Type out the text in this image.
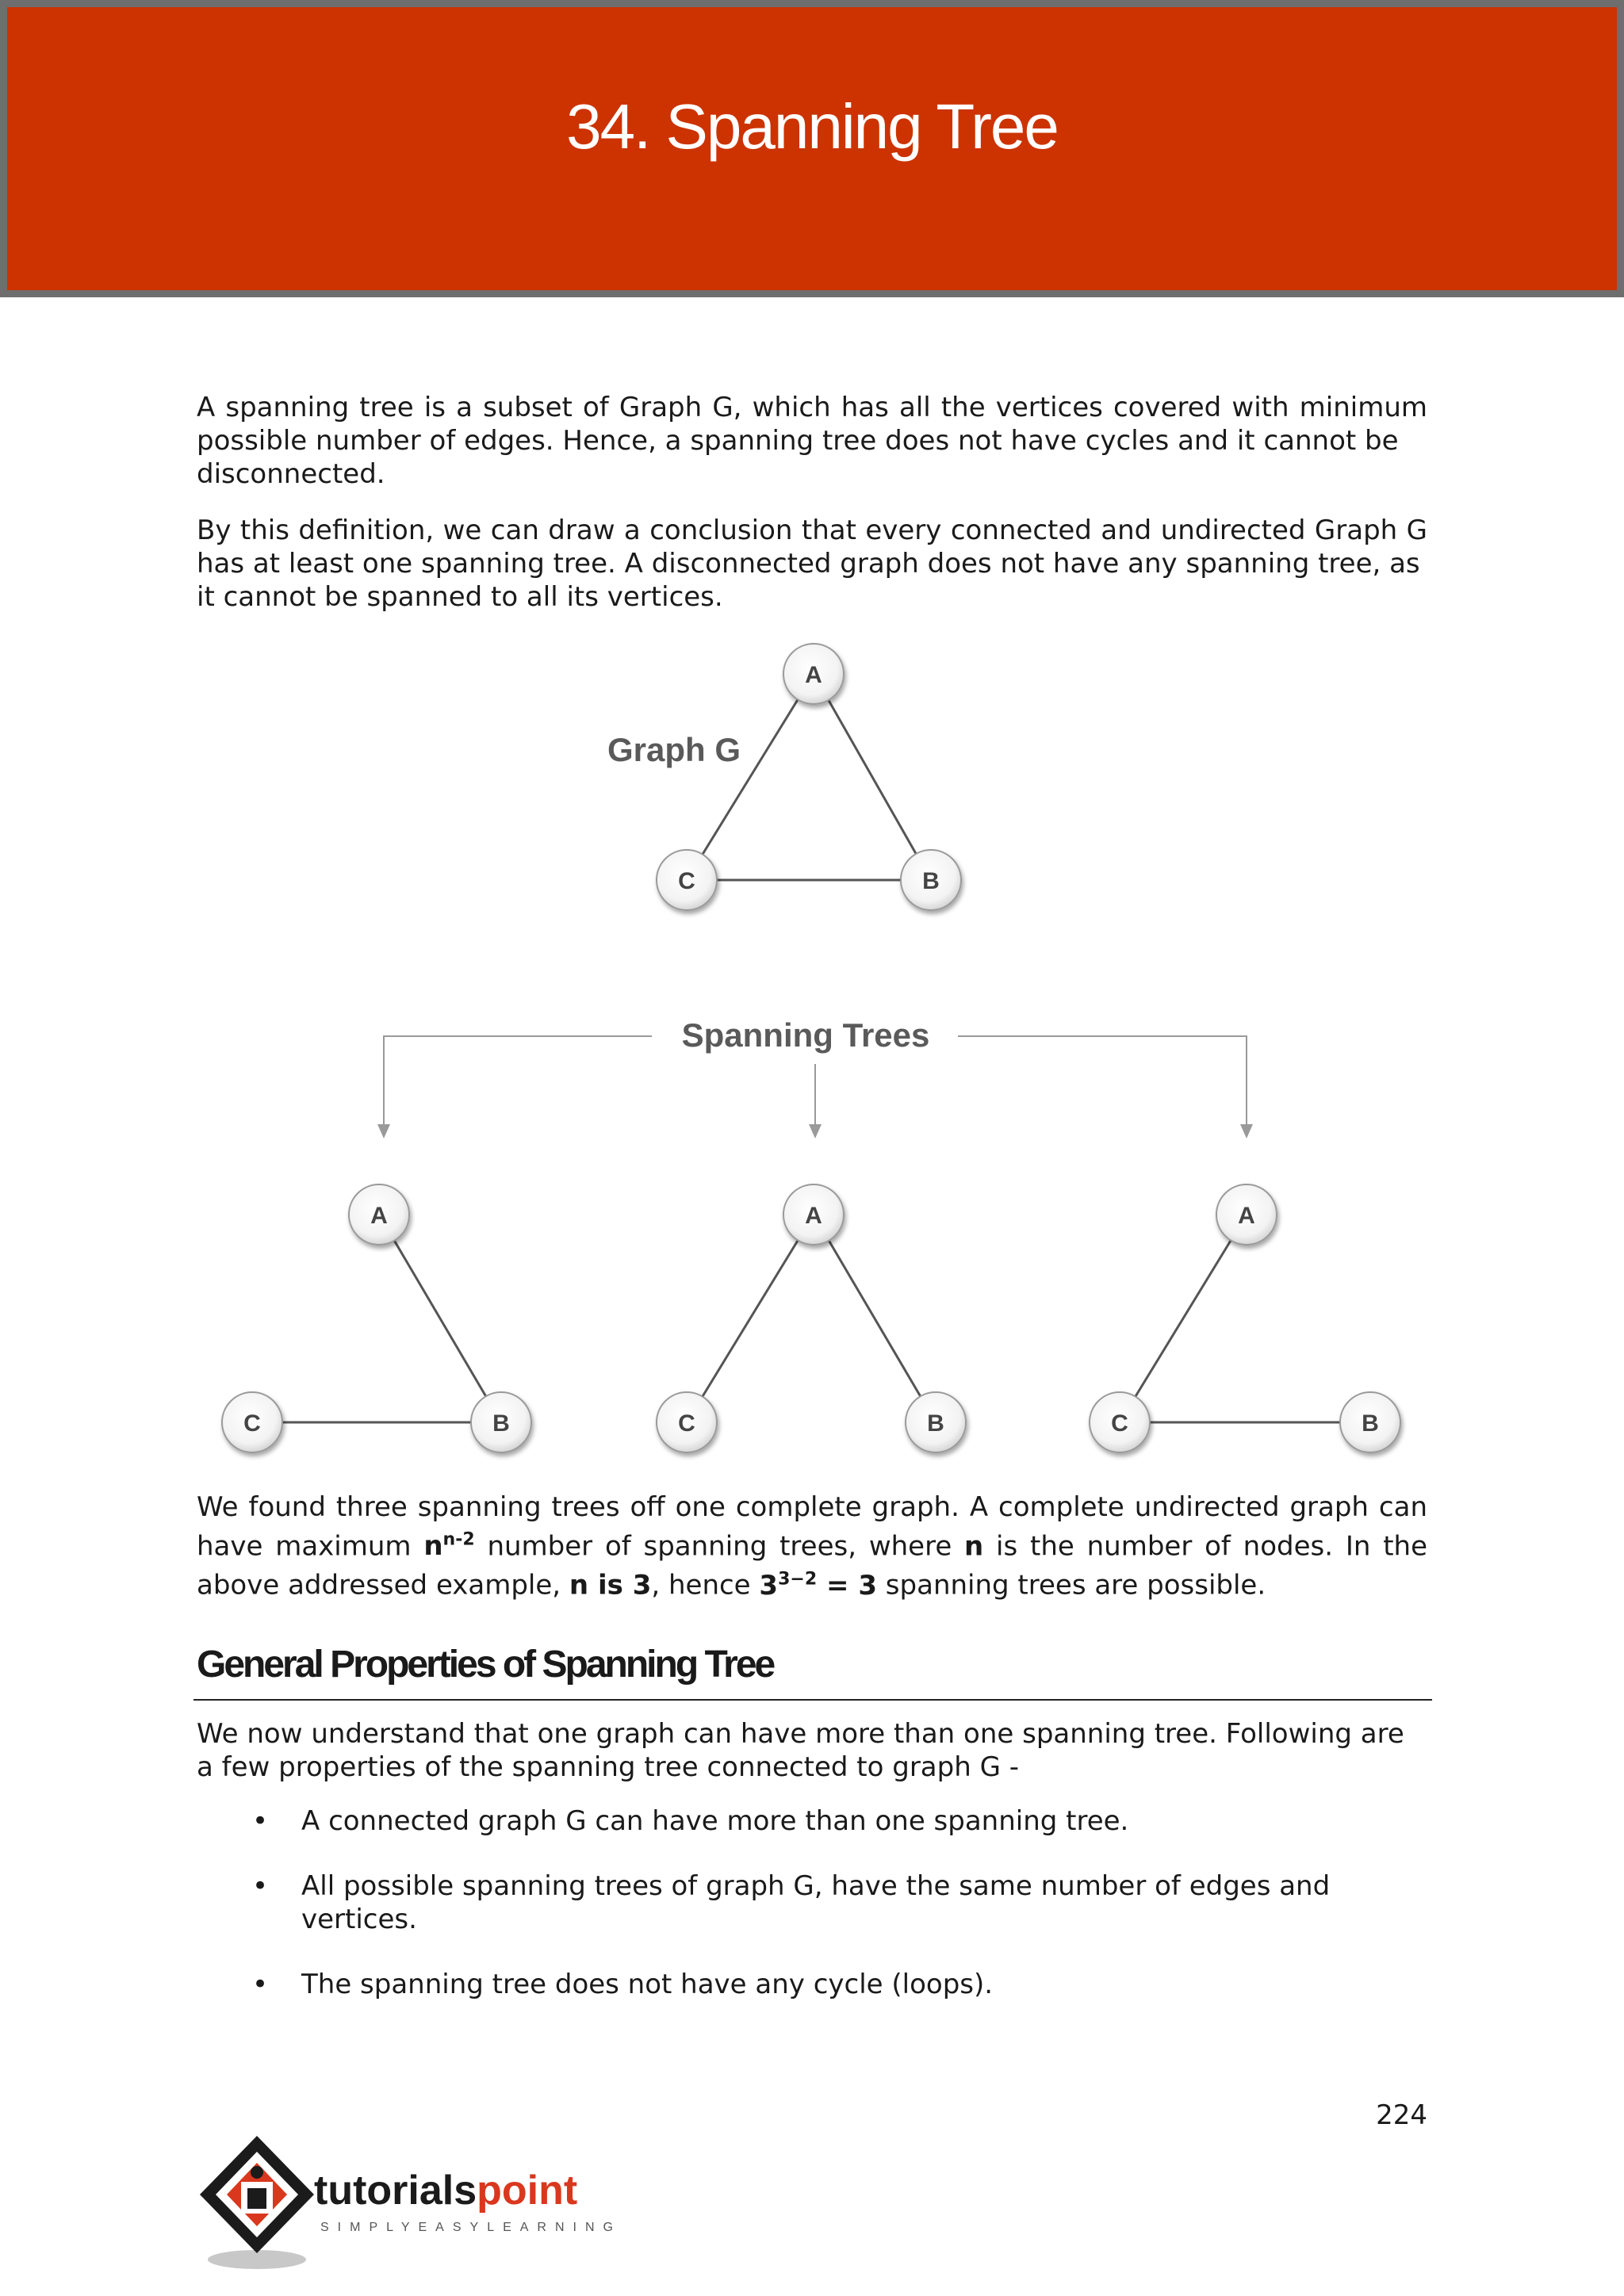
34. Spanning Tree

A spanning tree is a subset of Graph G, which has all the vertices covered with minimum possible number of edges. Hence, a spanning tree does not have cycles and it cannot be
disconnected.

By this definition, we can draw a conclusion that every connected and undirected Graph G has at least one spanning tree. A disconnected graph does not have any spanning tree, as
it cannot be spanned to all its vertices.

Graph G
A
C	B
Spanning Trees
A
C	B
A
C	B
A
C	B

We found three spanning trees off one complete graph. A complete undirected graph can have maximum $n^{n-2}$ number of spanning trees, where n is the number of nodes. In the above addressed example, n is 3, hence $3^{3-2} = 3$ spanning trees are possible.

General Properties of Spanning Tree

We now understand that one graph can have more than one spanning tree. Following are
a few properties of the spanning tree connected to graph G -

• A connected graph G can have more than one spanning tree.
• All possible spanning trees of graph G, have the same number of edges and
vertices.
• The spanning tree does not have any cycle (loops).
224
tutorialspoint
SIMPLYEASYLEARNING
